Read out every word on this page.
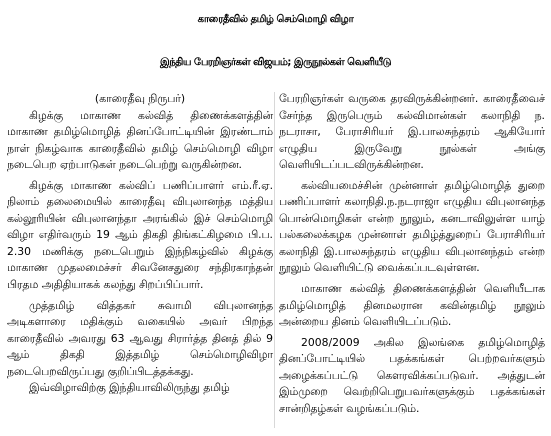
காரைதீவில் தமிழ் செம்மொழி விழா
இந்திய பேரறிஞர்கள் விஜயம்; இருநூல்கள் வெளியீடு

(காரைதீவு நிருபர்)

கிழக்கு மாகாண கல்வித் திணைக்களத்தின் மாகாண தமிழ்மொழித் தினப்போட்டியின் இரண்டாம் நாள் நிகழ்வாக காரைதீவில் தமிழ் செம்மொழி விழா நடைபெற ஏற்பாடுகள் நடைபெற்று வருகின்றன.

கிழக்கு மாகாண கல்விப் பணிப்பாளர் எம்.ரீ.ஏ. நிலாம் தலைமையில் காரைதீவு விபுலானந்த மத்திய கல்லூரியின் விபுலானந்தா அரங்கில் இச் செம்மொழி விழா எதிர்வரும் 19 ஆம் திகதி திங்கட்கிழமை பி.ப. 2.30 மணிக்கு நடைபெறும் இந்நிகழ்வில் கிழக்கு மாகாண முதலமைச்சர் சிவனேசதுரை சந்திரகாந்தன் பிரதம அதிதியாகக் கலந்து சிறப்பிப்பார்.

முத்தமிழ் வித்தகர் சுவாமி விபுலானந்த அடிகளாரை மதிக்கும் வகையில் அவர் பிறந்த காரைதீவில் அவரது 63 ஆவது சிரார்த்த தினத் தில் 9 ஆம் திகதி இத்தமிழ் செம்மொழிவிழா நடைபெறவிருப்பது குறிப்பிடத்தக்கது.

இவ்விழாவிற்கு இந்தியாவிலிருந்து தமிழ்

பேரறிஞர்கள் வருகை தரவிருக்கின்றனர். காரைதீவைச் சேர்ந்த இருபெரும் கல்விமான்கள் கலாநிதி ந. நடராசா, பேராசிரியர் இ.பாலசுந்தரம் ஆகியோர் எழுதிய இருவேறு நூல்கள் அங்கு வெளியிடப்படவிருக்கின்றன.

கல்வியமைச்சின் முன்னாள் தமிழ்மொழித் துறை பணிப்பாளர் கலாநிதி.ந.நடராஜா எழுதிய விபுலானந்த பொன்மொழிகள் என்ற நூலும், கனடாவிலுள்ள யாழ் பல்கலைக்கழக முன்னாள் தமிழ்த்துறைப் பேராசிரியர் கலாநிதி இ.பாலசுந்தரம் எழுதிய விபுலானந்தம் என்ற நூலும் வெளியிட்டு வைக்கப்படவுள்ளன.

மாகாண கல்வித் திணைக்களத்தின் வெளியீடாக தமிழ்மொழித் தினமலரான கவின்தமிழ் நூலும் அன்றைய தினம் வெளியிடப்படும்.

2008/2009 அகில இலங்கை தமிழ்மொழித் தினப்போட்டியில் பதக்கங்கள் பெற்றவர்களும் அழைக்கப்பட்டு கௌரவிக்கப்படுவர். அத்துடன் இம்முறை வெற்றிபெறுபவர்களுக்கும் பதக்கங்கள் சான்றிதழ்கள் வழங்கப்படும்.
